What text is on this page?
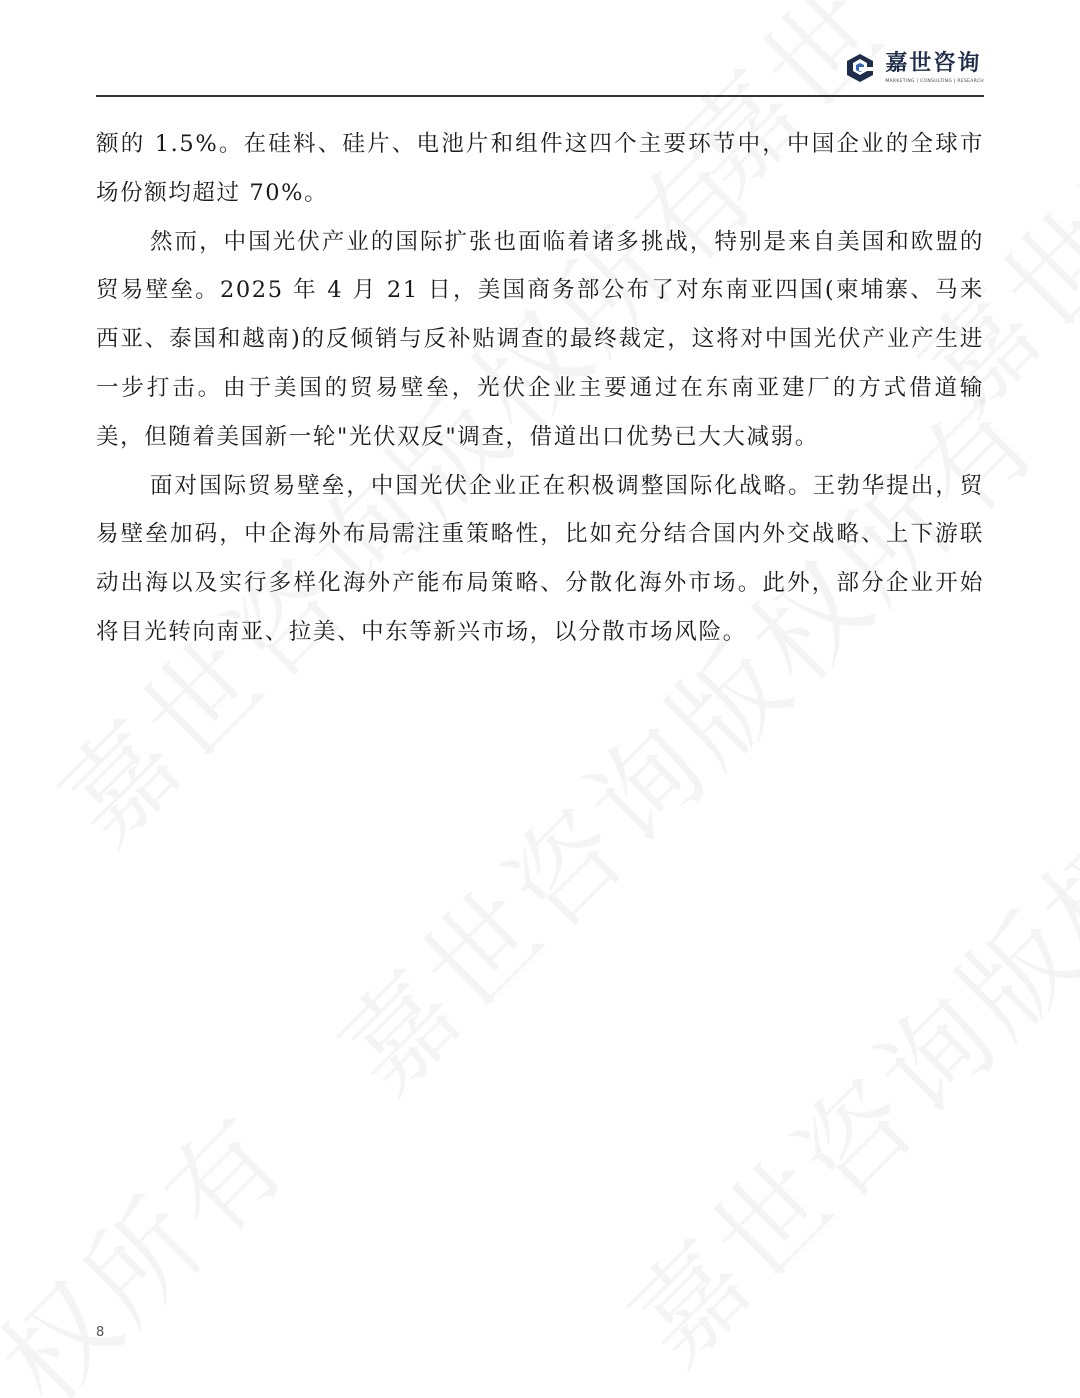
嘉世咨询
MARKETING | CONSULTING | RESEARCH

额的 1.5%。在硅料、硅片、电池片和组件这四个主要环节中，中国企业的全球市场份额均超过 70%。

然而，中国光伏产业的国际扩张也面临着诸多挑战，特别是来自美国和欧盟的贸易壁垒。2025 年 4 月 21 日，美国商务部公布了对东南亚四国(柬埔寨、马来西亚、泰国和越南)的反倾销与反补贴调查的最终裁定，这将对中国光伏产业产生进一步打击。由于美国的贸易壁垒，光伏企业主要通过在东南亚建厂的方式借道输美，但随着美国新一轮"光伏双反"调查，借道出口优势已大大减弱。

面对国际贸易壁垒，中国光伏企业正在积极调整国际化战略。王勃华提出，贸易壁垒加码，中企海外布局需注重策略性，比如充分结合国内外交战略、上下游联动出海以及实行多样化海外产能布局策略、分散化海外市场。此外，部分企业开始将目光转向南亚、拉美、中东等新兴市场，以分散市场风险。

8
